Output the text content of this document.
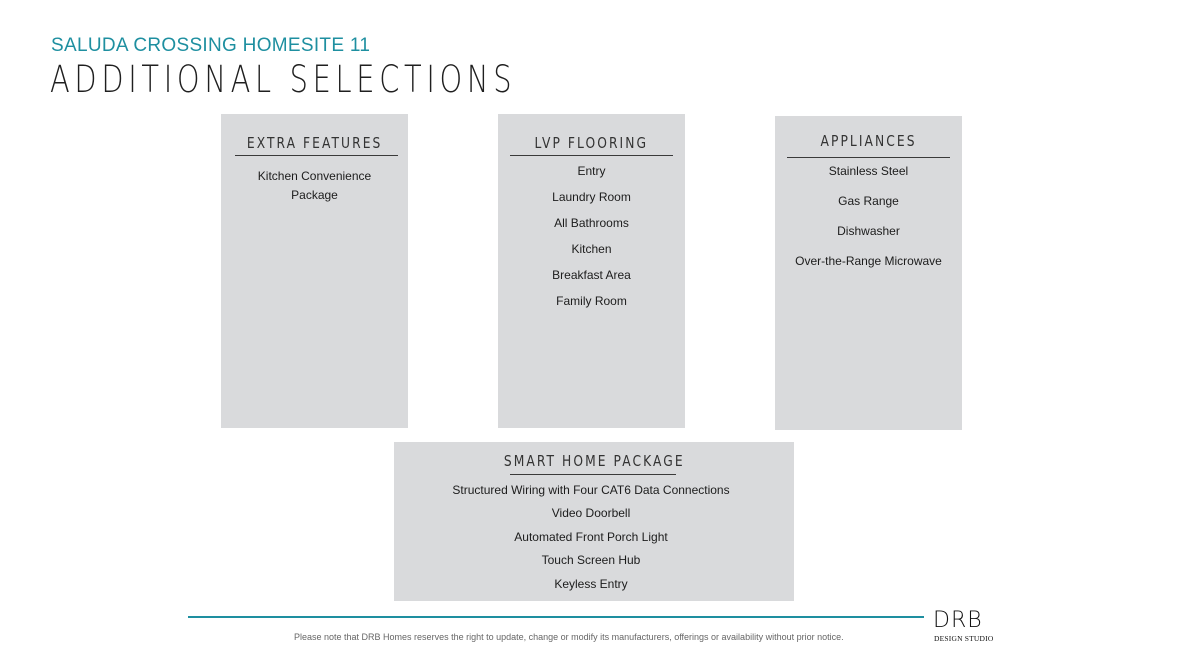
SALUDA CROSSING HOMESITE 11
ADDITIONAL SELECTIONS
EXTRA FEATURES
Kitchen Convenience
Package
LVP FLOORING
Entry
Laundry Room
All Bathrooms
Kitchen
Breakfast Area
Family Room
APPLIANCES
Stainless Steel
Gas Range
Dishwasher
Over-the-Range Microwave
SMART HOME PACKAGE
Structured Wiring with Four CAT6 Data Connections
Video Doorbell
Automated Front Porch Light
Touch Screen Hub
Keyless Entry
Please note that DRB Homes reserves the right to update, change or modify its manufacturers, offerings or availability without prior notice.
DRB
DESIGN STUDIO
